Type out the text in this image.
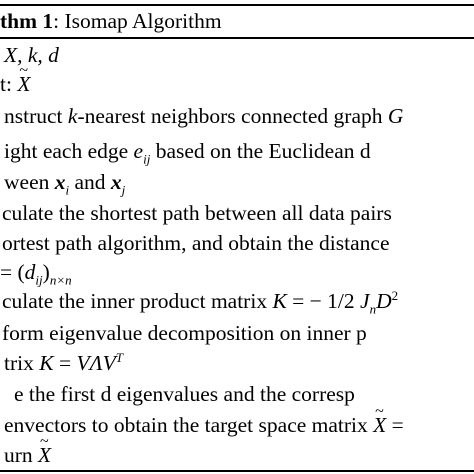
thm 1: Isomap Algorithm
X, k, d
t: X ~
nstruct k-nearest neighbors connected graph G
ight each edge $e_{ij}$ based on the Euclidean d
ween $x_i$ and $x_j$
culate the shortest path between all data pairs
ortest path algorithm, and obtain the distance
= $(d_{ij})_{n\times n}$
culate the inner product matrix K = − 1/2 $J_nD^2$
form eigenvalue decomposition on inner p
trix $K = V\Lambda V^T$
e the first d eigenvalues and the corresp
envectors to obtain the target space matrix X ~ =
urn X ~
